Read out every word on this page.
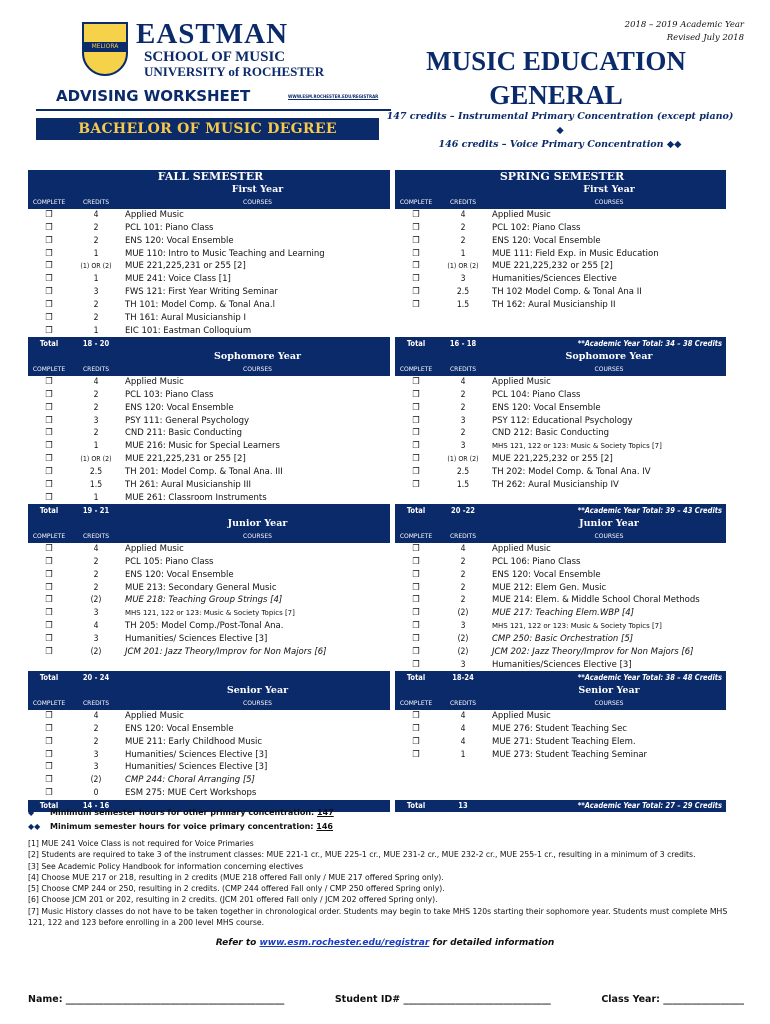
MELIORA EASTMAN
SCHOOL OF MUSIC
UNIVERSITY of ROCHESTER
ADVISING WORKSHEET	WWW.ESM.ROCHESTER.EDU/REGISTRAR
BACHELOR OF MUSIC DEGREE
2018 – 2019 Academic Year
Revised July 2018
MUSIC EDUCATION
GENERAL
147 credits – Instrumental Primary Concentration (except piano) ◆
146 credits – Voice Primary Concentration ◆◆
FALL SEMESTER		
		First Year
COMPLETE	CREDITS	COURSES
❒	4	Applied Music
❒	2	PCL 101: Piano Class
❒	2	ENS 120: Vocal Ensemble
❒	1	MUE 110: Intro to Music Teaching and Learning
❒	(1) OR (2)	MUE 221,225,231 or 255 [2]
❒	1	MUE 241: Voice Class [1]
❒	3	FWS 121: First Year Writing Seminar
❒	2	TH 101: Model Comp. & Tonal Ana.l
❒	2	TH 161: Aural Musicianship I
❒	1	EIC 101: Eastman Colloquium
Total	18 - 20	
		Sophomore Year
COMPLETE	CREDITS	COURSES
❒	4	Applied Music
❒	2	PCL 103: Piano Class
❒	2	ENS 120: Vocal Ensemble
❒	3	PSY 111: General Psychology
❒	2	CND 211: Basic Conducting
❒	1	MUE 216: Music for Special Learners
❒	(1) OR (2)	MUE 221,225,231 or 255 [2]
❒	2.5	TH 201: Model Comp. & Tonal Ana. III
❒	1.5	TH 261: Aural Musicianship III
❒	1	MUE 261: Classroom Instruments
Total	19 - 21	
		Junior Year
COMPLETE	CREDITS	COURSES
❒	4	Applied Music
❒	2	PCL 105: Piano Class
❒	2	ENS 120: Vocal Ensemble
❒	2	MUE 213: Secondary General Music
❒	(2)	MUE 218: Teaching Group Strings [4]
❒	3	MHS 121, 122 or 123: Music & Society Topics [7]
❒	4	TH 205: Model Comp./Post-Tonal Ana.
❒	3	Humanities/ Sciences Elective [3]
❒	(2)	JCM 201: Jazz Theory/Improv for Non Majors [6]

Total	20 - 24	
		Senior Year
COMPLETE	CREDITS	COURSES
❒	4	Applied Music
❒	2	ENS 120: Vocal Ensemble
❒	2	MUE 211: Early Childhood Music
❒	3	Humanities/ Sciences Elective [3]
❒	3	Humanities/ Sciences Elective [3]
❒	(2)	CMP 244: Choral Arranging [5]
❒	0	ESM 275: MUE Cert Workshops
Total	14 - 16	
SPRING SEMESTER		
		First Year
COMPLETE	CREDITS	COURSES
❒	4	Applied Music
❒	2	PCL 102: Piano Class
❒	2	ENS 120: Vocal Ensemble
❒	1	MUE 111: Field Exp. in Music Education
❒	(1) OR (2)	MUE 221,225,232 or 255 [2]
❒	3	Humanities/Sciences Elective
❒	2.5	TH 102 Model Comp. & Tonal Ana II
❒	1.5	TH 162: Aural Musicianship II

Total	16 - 18	**Academic Year Total: 34 – 38 Credits
		Sophomore Year
COMPLETE	CREDITS	COURSES
❒	4	Applied Music
❒	2	PCL 104: Piano Class
❒	2	ENS 120: Vocal Ensemble
❒	3	PSY 112: Educational Psychology
❒	2	CND 212: Basic Conducting
❒	3	MHS 121, 122 or 123: Music & Society Topics [7]
❒	(1) OR (2)	MUE 221,225,232 or 255 [2]
❒	2.5	TH 202: Model Comp. & Tonal Ana. IV
❒	1.5	TH 262: Aural Musicianship IV

Total	20 -22	**Academic Year Total: 39 – 43 Credits
		Junior Year
COMPLETE	CREDITS	COURSES
❒	4	Applied Music
❒	2	PCL 106: Piano Class
❒	2	ENS 120: Vocal Ensemble
❒	2	MUE 212: Elem Gen. Music
❒	2	MUE 214: Elem. & Middle School Choral Methods
❒	(2)	MUE 217: Teaching Elem.WBP [4]
❒	3	MHS 121, 122 or 123: Music & Society Topics [7]
❒	(2)	CMP 250: Basic Orchestration [5]
❒	(2)	JCM 202: Jazz Theory/Improv for Non Majors [6]
❒	3	Humanities/Sciences Elective [3]
Total	18-24	**Academic Year Total: 38 – 48 Credits
		Senior Year
COMPLETE	CREDITS	COURSES
❒	4	Applied Music
❒	4	MUE 276: Student Teaching Sec
❒	4	MUE 271: Student Teaching Elem.
❒	1	MUE 273: Student Teaching Seminar

Total	13	**Academic Year Total: 27 – 29 Credits
◆ Minimum semester hours for other primary concentration: 147
◆◆ Minimum semester hours for voice primary concentration: 146
[1] MUE 241 Voice Class is not required for Voice Primaries
[2] Students are required to take 3 of the instrument classes: MUE 221-1 cr., MUE 225-1 cr., MUE 231-2 cr., MUE 232-2 cr., MUE 255-1 cr., resulting in a minimum of 3 credits.
[3] See Academic Policy Handbook for information concerning electives
[4] Choose MUE 217 or 218, resulting in 2 credits (MUE 218 offered Fall only / MUE 217 offered Spring only).
[5] Choose CMP 244 or 250, resulting in 2 credits. (CMP 244 offered Fall only / CMP 250 offered Spring only).
[6] Choose JCM 201 or 202, resulting in 2 credits. (JCM 201 offered Fall only / JCM 202 offered Spring only).
[7] Music History classes do not have to be taken together in chronological order. Students may begin to take MHS 120s starting their sophomore year. Students must complete MHS 121, 122 and 123 before enrolling in a 200 level MHS course.
Refer to www.esm.rochester.edu/registrar for detailed information
Name: ______________________________________________	Student ID# _______________________________	Class Year: _________________
